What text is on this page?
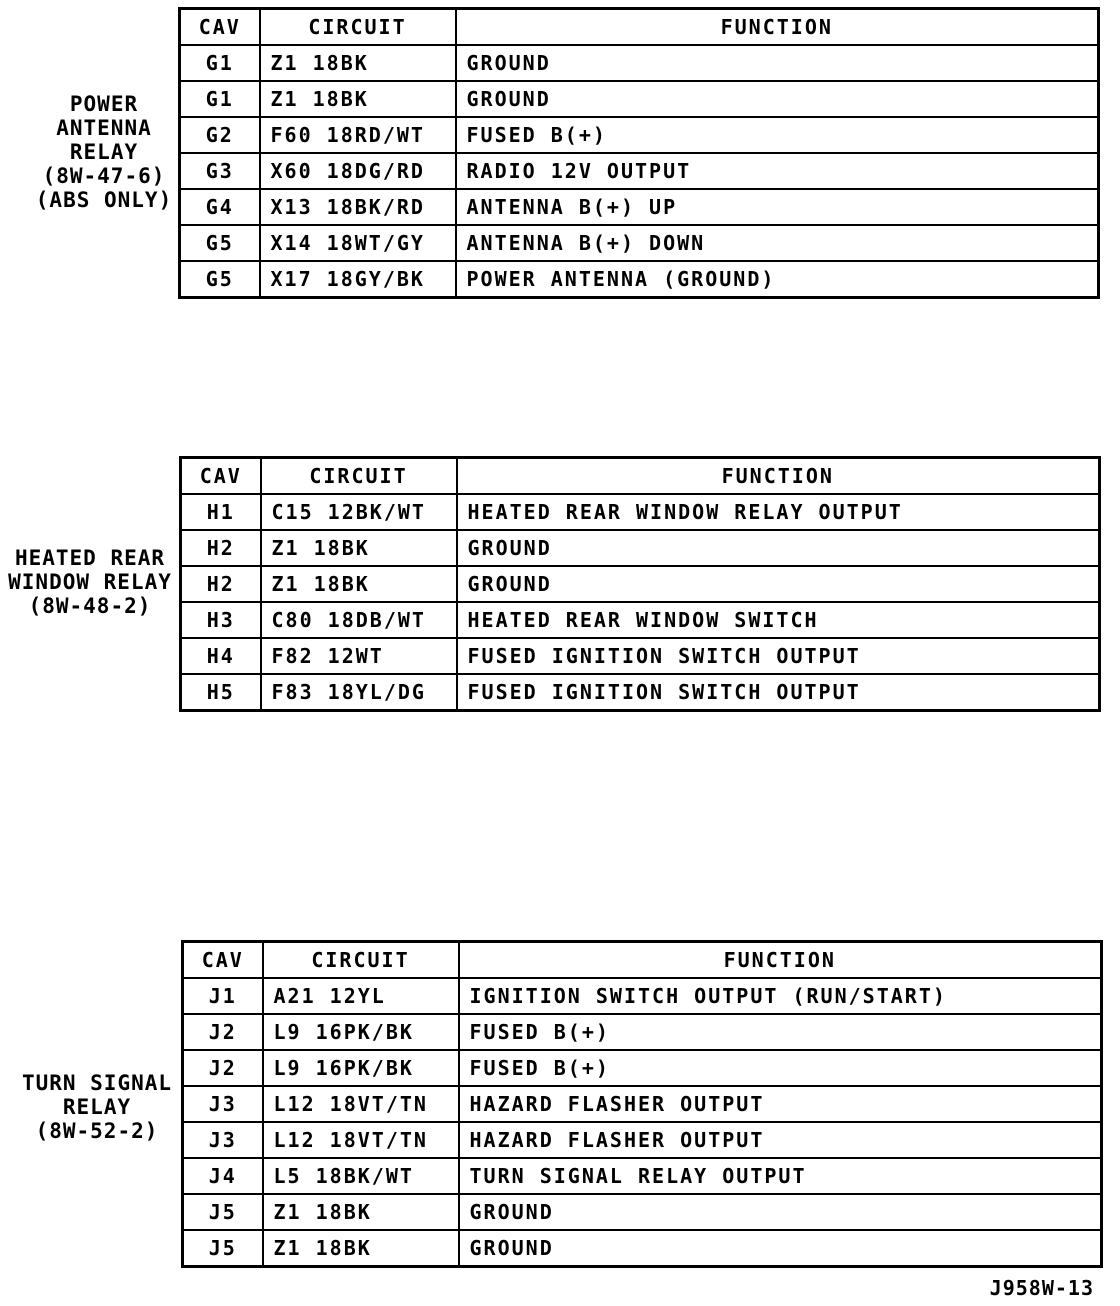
POWER
ANTENNA
RELAY
(8W-47-6)
(ABS ONLY)
CAV	CIRCUIT	FUNCTION
G1	Z1 18BK	GROUND
G1	Z1 18BK	GROUND
G2	F60 18RD/WT	FUSED B(+)
G3	X60 18DG/RD	RADIO 12V OUTPUT
G4	X13 18BK/RD	ANTENNA B(+) UP
G5	X14 18WT/GY	ANTENNA B(+) DOWN
G5	X17 18GY/BK	POWER ANTENNA (GROUND)
HEATED REAR
WINDOW RELAY
(8W-48-2)
CAV	CIRCUIT	FUNCTION
H1	C15 12BK/WT	HEATED REAR WINDOW RELAY OUTPUT
H2	Z1 18BK	GROUND
H2	Z1 18BK	GROUND
H3	C80 18DB/WT	HEATED REAR WINDOW SWITCH
H4	F82 12WT	FUSED IGNITION SWITCH OUTPUT
H5	F83 18YL/DG	FUSED IGNITION SWITCH OUTPUT
TURN SIGNAL
RELAY
(8W-52-2)
CAV	CIRCUIT	FUNCTION
J1	A21 12YL	IGNITION SWITCH OUTPUT (RUN/START)
J2	L9 16PK/BK	FUSED B(+)
J2	L9 16PK/BK	FUSED B(+)
J3	L12 18VT/TN	HAZARD FLASHER OUTPUT
J3	L12 18VT/TN	HAZARD FLASHER OUTPUT
J4	L5 18BK/WT	TURN SIGNAL RELAY OUTPUT
J5	Z1 18BK	GROUND
J5	Z1 18BK	GROUND
J958W-13
